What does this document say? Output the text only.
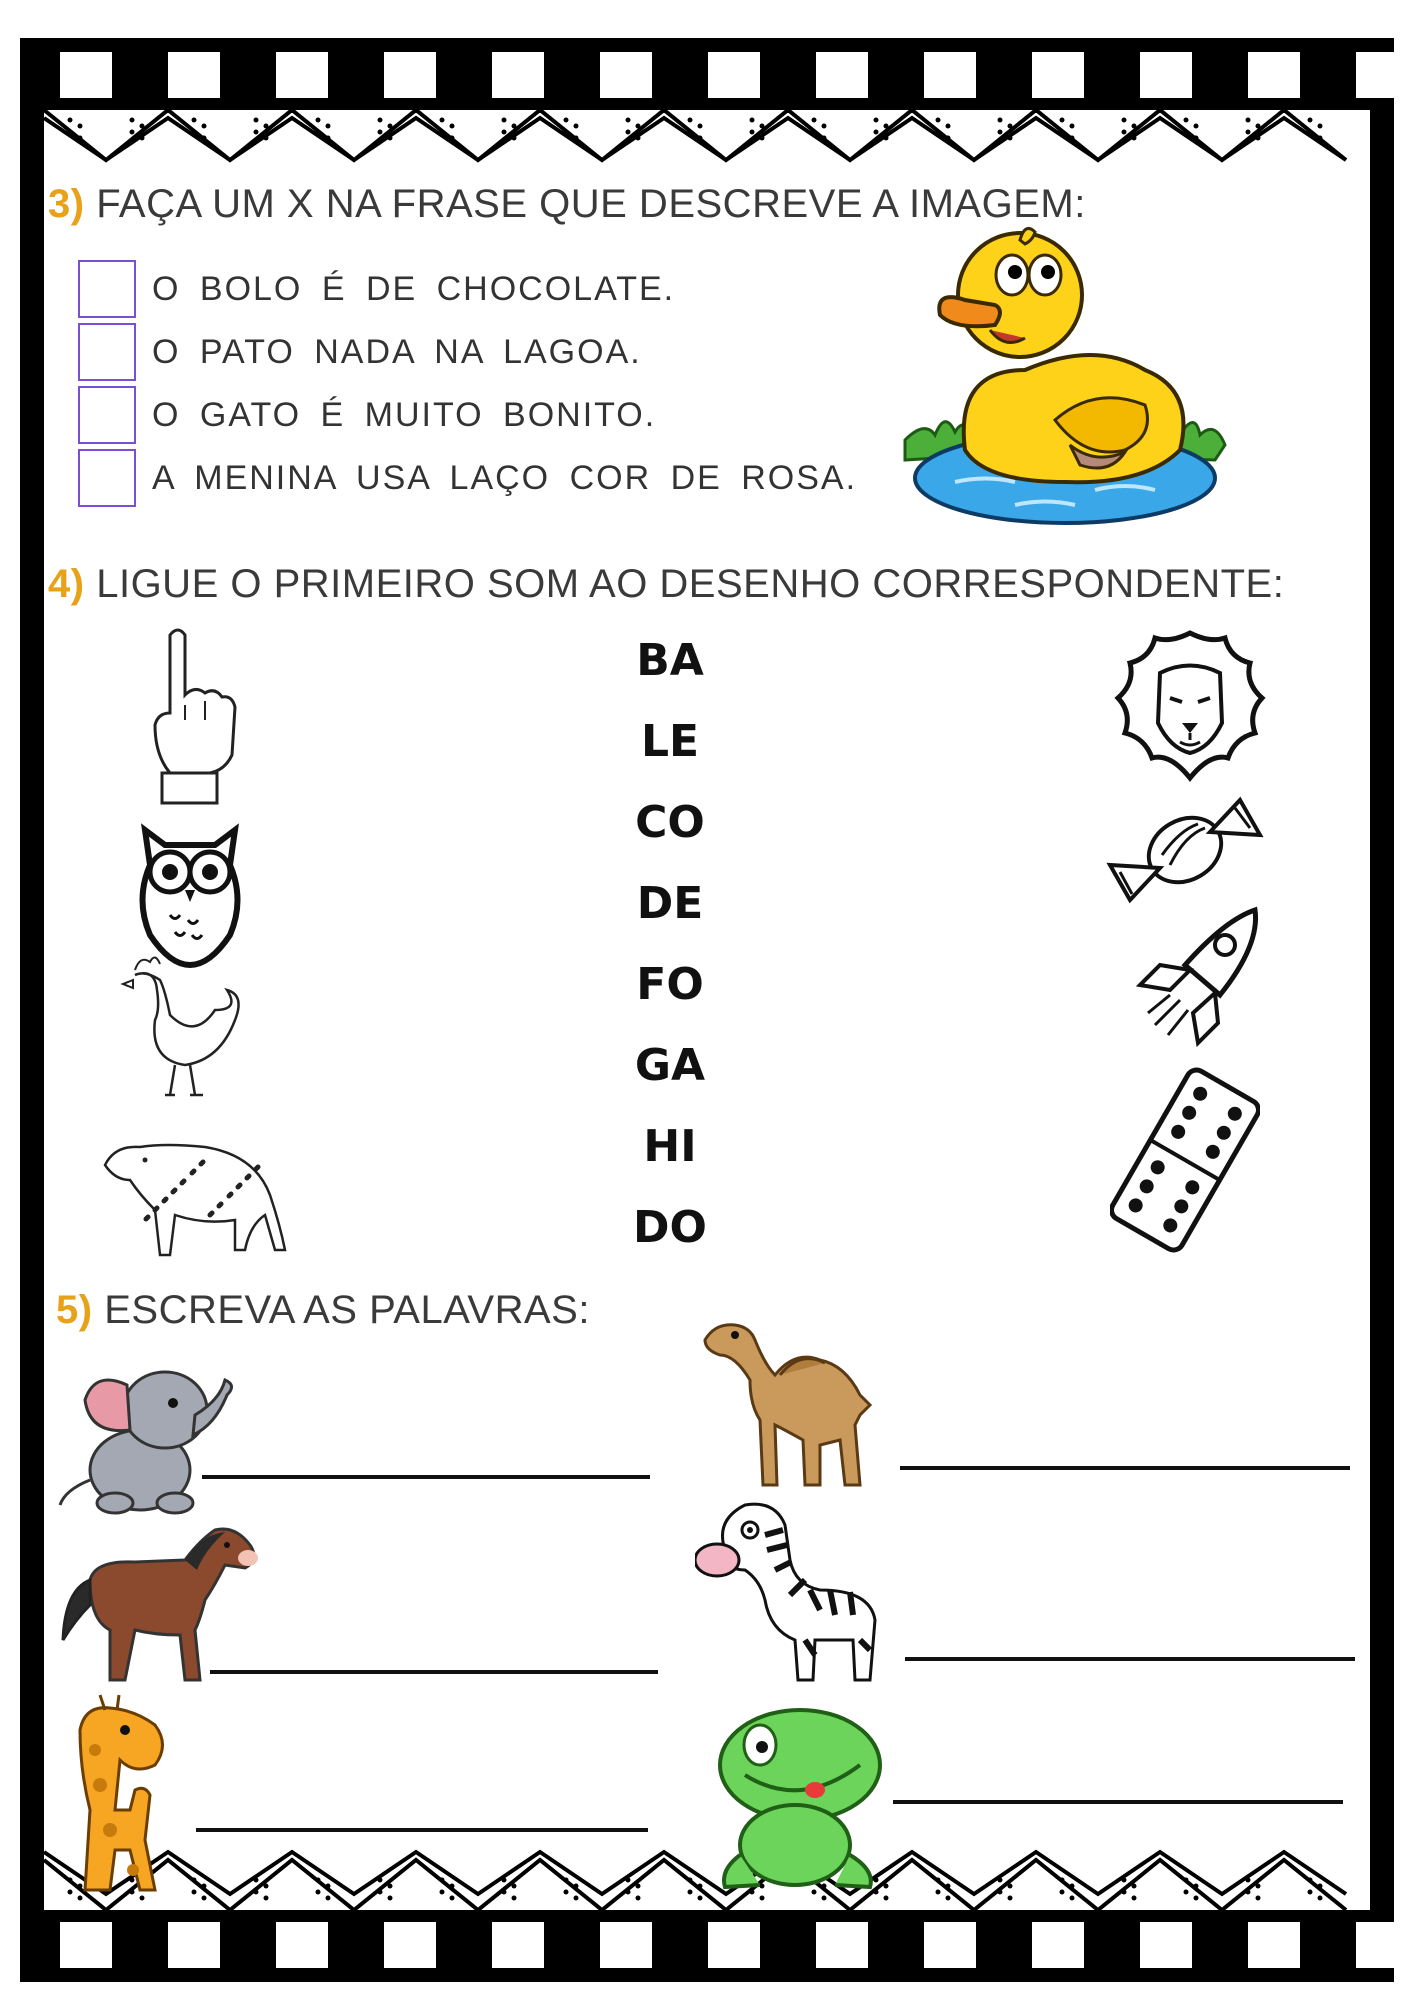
3) FAÇA UM X NA FRASE QUE DESCREVE A IMAGEM:
O BOLO É DE CHOCOLATE.
O PATO NADA NA LAGOA.
O GATO É MUITO BONITO.
A MENINA USA LAÇO COR DE ROSA.
4) LIGUE O PRIMEIRO SOM AO DESENHO CORRESPONDENTE:
BA
LE
CO
DE
FO
GA
HI
DO
5) ESCREVA AS PALAVRAS:
